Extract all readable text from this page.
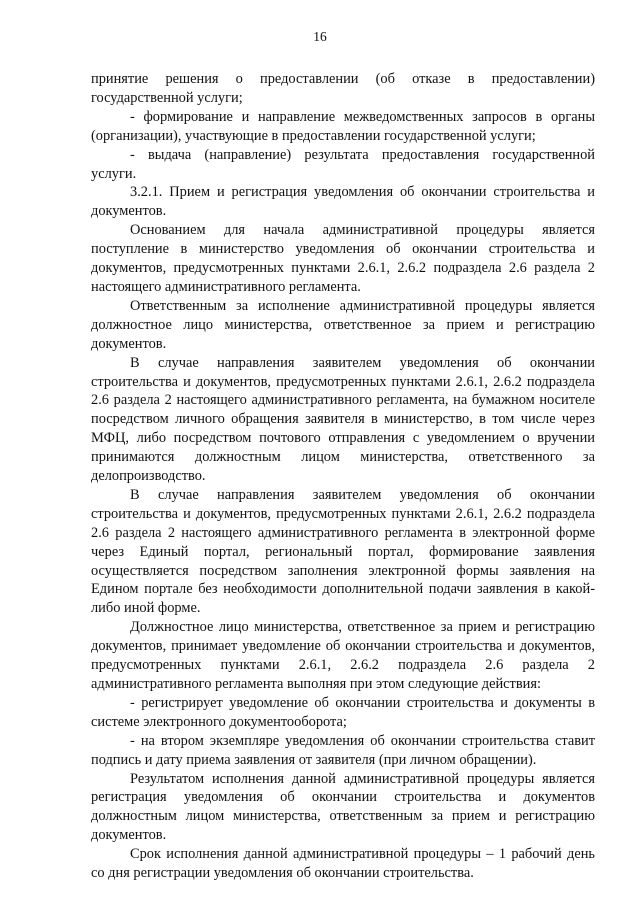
16

принятие решения о предоставлении (об отказе в предоставлении) государственной услуги;

- формирование и направление межведомственных запросов в органы (организации), участвующие в предоставлении государственной услуги;

- выдача (направление) результата предоставления государственной услуги.

3.2.1. Прием и регистрация уведомления об окончании строительства и документов.

Основанием для начала административной процедуры является поступление в министерство уведомления об окончании строительства и документов, предусмотренных пунктами 2.6.1, 2.6.2 подраздела 2.6 раздела 2 настоящего административного регламента.

Ответственным за исполнение административной процедуры является должностное лицо министерства, ответственное за прием и регистрацию документов.

В случае направления заявителем уведомления об окончании строительства и документов, предусмотренных пунктами 2.6.1, 2.6.2 подраздела 2.6 раздела 2 настоящего административного регламента, на бумажном носителе посредством личного обращения заявителя в министерство, в том числе через МФЦ, либо посредством почтового отправления с уведомлением о вручении принимаются должностным лицом министерства, ответственного за делопроизводство.

В случае направления заявителем уведомления об окончании строительства и документов, предусмотренных пунктами 2.6.1, 2.6.2 подраздела 2.6 раздела 2 настоящего административного регламента в электронной форме через Единый портал, региональный портал, формирование заявления осуществляется посредством заполнения электронной формы заявления на Едином портале без необходимости дополнительной подачи заявления в какой-либо иной форме.

Должностное лицо министерства, ответственное за прием и регистрацию документов, принимает уведомление об окончании строительства и документов, предусмотренных пунктами 2.6.1, 2.6.2 подраздела 2.6 раздела 2 административного регламента выполняя при этом следующие действия:

- регистрирует уведомление об окончании строительства и документы в системе электронного документооборота;

- на втором экземпляре уведомления об окончании строительства ставит подпись и дату приема заявления от заявителя (при личном обращении).

Результатом исполнения данной административной процедуры является регистрация уведомления об окончании строительства и документов должностным лицом министерства, ответственным за прием и регистрацию документов.

Срок исполнения данной административной процедуры – 1 рабочий день со дня регистрации уведомления об окончании строительства.
